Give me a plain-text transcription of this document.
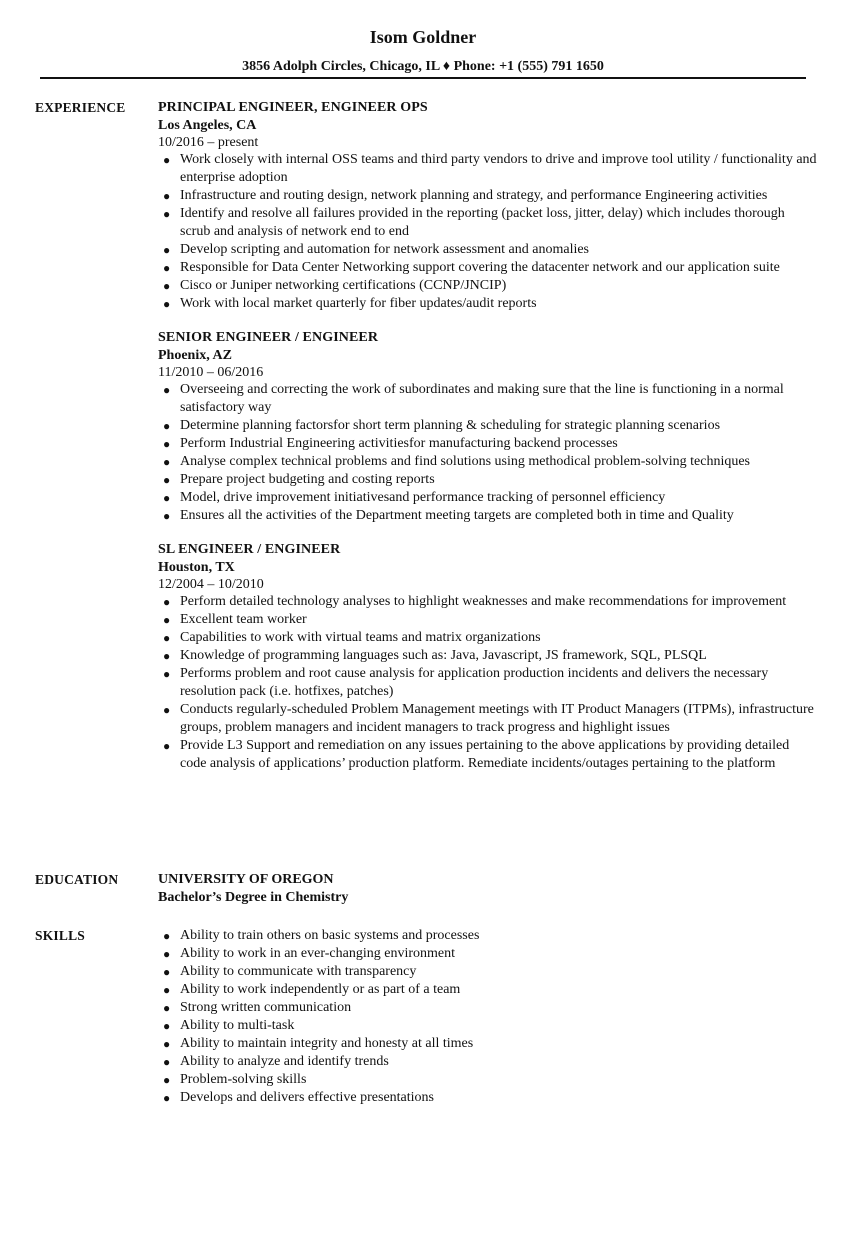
Isom Goldner
3856 Adolph Circles, Chicago, IL ♦ Phone: +1 (555) 791 1650
EXPERIENCE PRINCIPAL ENGINEER, ENGINEER OPS
Los Angeles, CA
10/2016 – present
● Work closely with internal OSS teams and third party vendors to drive and improve tool utility / functionality and enterprise adoption
● Infrastructure and routing design, network planning and strategy, and performance Engineering activities
● Identify and resolve all failures provided in the reporting (packet loss, jitter, delay) which includes thorough scrub and analysis of network end to end
● Develop scripting and automation for network assessment and anomalies
● Responsible for Data Center Networking support covering the datacenter network and our application suite
● Cisco or Juniper networking certifications (CCNP/JNCIP)
● Work with local market quarterly for fiber updates/audit reports
SENIOR ENGINEER / ENGINEER
Phoenix, AZ
11/2010 – 06/2016
● Overseeing and correcting the work of subordinates and making sure that the line is functioning in a normal satisfactory way
● Determine planning factorsfor short term planning & scheduling for strategic planning scenarios
● Perform Industrial Engineering activitiesfor manufacturing backend processes
● Analyse complex technical problems and find solutions using methodical problem-solving techniques
● Prepare project budgeting and costing reports
● Model, drive improvement initiativesand performance tracking of personnel efficiency
● Ensures all the activities of the Department meeting targets are completed both in time and Quality
SL ENGINEER / ENGINEER
Houston, TX
12/2004 – 10/2010
● Perform detailed technology analyses to highlight weaknesses and make recommendations for improvement
● Excellent team worker
● Capabilities to work with virtual teams and matrix organizations
● Knowledge of programming languages such as: Java, Javascript, JS framework, SQL, PLSQL
● Performs problem and root cause analysis for application production incidents and delivers the necessary resolution pack (i.e. hotfixes, patches)
● Conducts regularly-scheduled Problem Management meetings with IT Product Managers (ITPMs), infrastructure groups, problem managers and incident managers to track progress and highlight issues
● Provide L3 Support and remediation on any issues pertaining to the above applications by providing detailed code analysis of applications’ production platform. Remediate incidents/outages pertaining to the platform
EDUCATION	UNIVERSITY OF OREGON
Bachelor’s Degree in Chemistry
SKILLS	● Ability to train others on basic systems and processes
● Ability to work in an ever-changing environment
● Ability to communicate with transparency
● Ability to work independently or as part of a team
● Strong written communication
● Ability to multi-task
● Ability to maintain integrity and honesty at all times
● Ability to analyze and identify trends
● Problem-solving skills
● Develops and delivers effective presentations
